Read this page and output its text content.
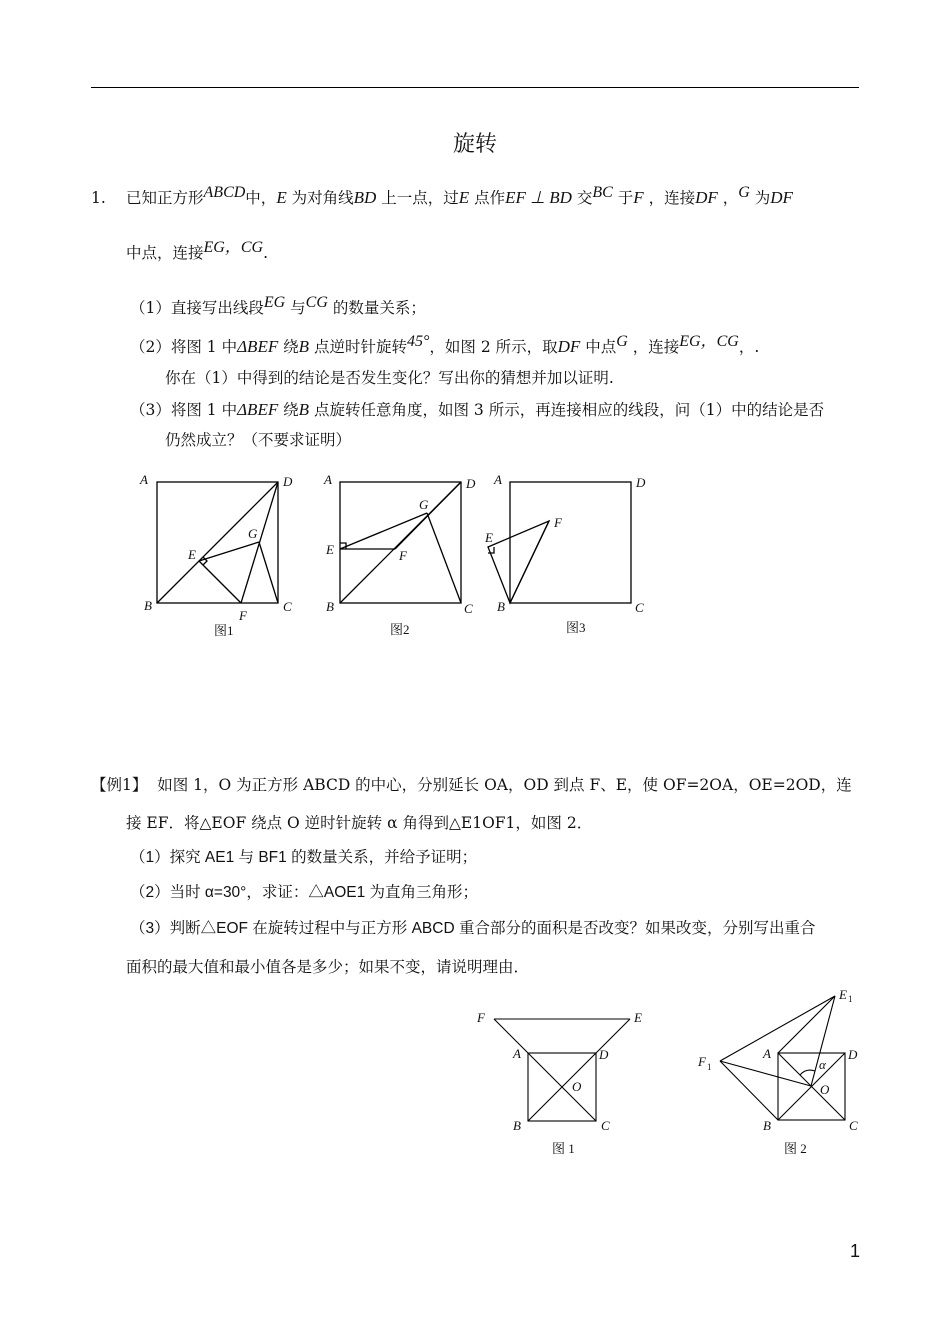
旋转
1. 已知正方形ABCD中，E 为对角线BD 上一点，过E 点作EF ⊥ BD 交BC 于F ，连接DF ，G 为DF
中点，连接EG，CG.
（1）直接写出线段EG 与CG 的数量关系；
（2）将图 1 中ΔBEF 绕B 点逆时针旋转45°，如图 2 所示，取DF 中点G ，连接EG，CG，.
你在（1）中得到的结论是否发生变化？写出你的猜想并加以证明.
（3）将图 1 中ΔBEF 绕B 点旋转任意角度，如图 3 所示，再连接相应的线段，问（1）中的结论是否
仍然成立？（不要求证明）
A	D
B	C
E
G
F
图1
A	D
B	C
E	F
G
图2
A	D
B	C
E
F
图3
【例1】 如图 1，O 为正方形 ABCD 的中心，分别延长 OA，OD 到点 F、E，使 OF=2OA，OE=2OD，连
接 EF．将△EOF 绕点 O 逆时针旋转 α 角得到△E1OF1，如图 2．
（1）探究 AE1 与 BF1 的数量关系，并给予证明；
（2）当时 α=30°，求证：△AOE1 为直角三角形；
（3）判断△EOF 在旋转过程中与正方形 ABCD 重合部分的面积是否改变？如果改变，分别写出重合
面积的最大值和最小值各是多少；如果不变，请说明理由．
F	E
A	D
O
B	C
图 1
E 1
F 1
A	D
α
O
B	C
图 2
1
